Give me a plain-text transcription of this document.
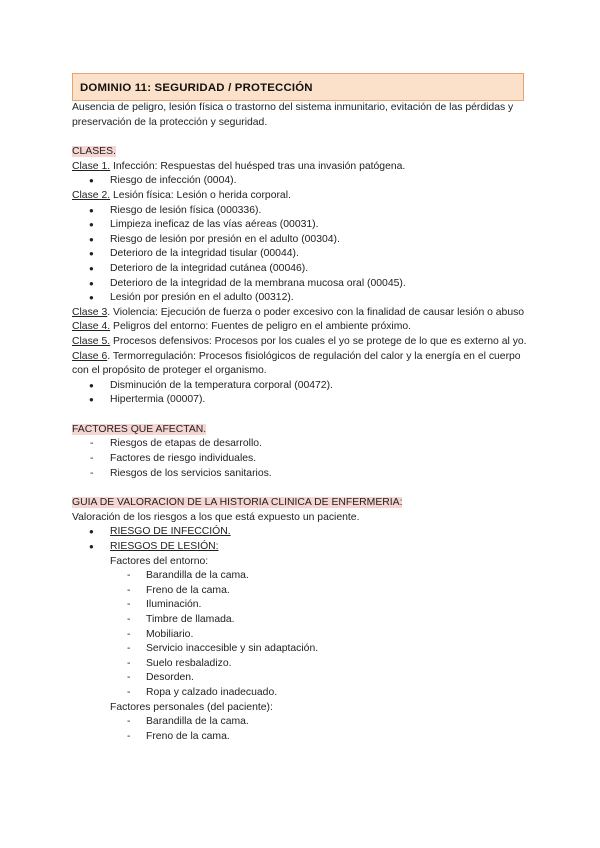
DOMINIO 11: SEGURIDAD / PROTECCIÓN

Ausencia de peligro, lesión física o trastorno del sistema inmunitario, evitación de las pérdidas y preservación de la protección y seguridad.

CLASES.

Clase 1. Infección: Respuestas del huésped tras una invasión patógena.

● Riesgo de infección (0004).

Clase 2. Lesión física: Lesión o herida corporal.

● Riesgo de lesión física (000336).
● Limpieza ineficaz de las vías aéreas (00031).
● Riesgo de lesión por presión en el adulto (00304).
● Deterioro de la integridad tisular (00044).
● Deterioro de la integridad cutánea (00046).
● Deterioro de la integridad de la membrana mucosa oral (00045).
● Lesión por presión en el adulto (00312).

Clase 3. Violencia: Ejecución de fuerza o poder excesivo con la finalidad de causar lesión o abuso

Clase 4. Peligros del entorno: Fuentes de peligro en el ambiente próximo.

Clase 5. Procesos defensivos: Procesos por los cuales el yo se protege de lo que es externo al yo.

Clase 6. Termorregulación: Procesos fisiológicos de regulación del calor y la energía en el cuerpo con el propósito de proteger el organismo.

● Disminución de la temperatura corporal (00472).
● Hipertermia (00007).

FACTORES QUE AFECTAN.

- Riesgos de etapas de desarrollo.
- Factores de riesgo individuales.
- Riesgos de los servicios sanitarios.

GUIA DE VALORACION DE LA HISTORIA CLINICA DE ENFERMERIA:

Valoración de los riesgos a los que está expuesto un paciente.

● RIESGO DE INFECCIÓN.
● RIESGOS DE LESIÓN:

Factores del entorno:

- Barandilla de la cama.
- Freno de la cama.
- Iluminación.
- Timbre de llamada.
- Mobiliario.
- Servicio inaccesible y sin adaptación.
- Suelo resbaladizo.
- Desorden.
- Ropa y calzado inadecuado.

Factores personales (del paciente):

- Barandilla de la cama.
- Freno de la cama.
